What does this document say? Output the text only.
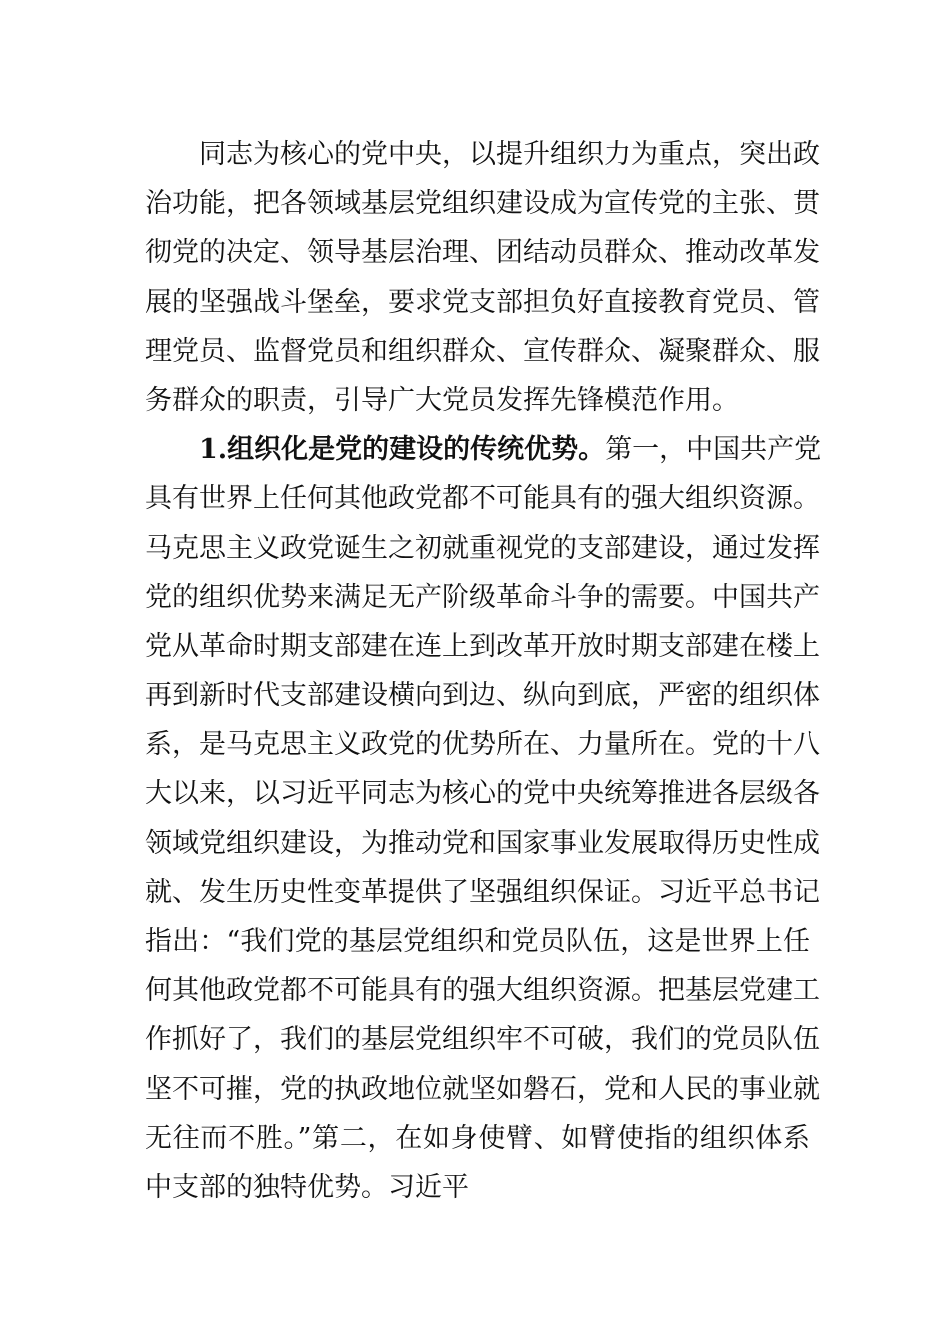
同志为核心的党中央，以提升组织力为重点，突出政
治功能，把各领域基层党组织建设成为宣传党的主张、贯
彻党的决定、领导基层治理、团结动员群众、推动改革发
展的坚强战斗堡垒，要求党支部担负好直接教育党员、管
理党员、监督党员和组织群众、宣传群众、凝聚群众、服
务群众的职责，引导广大党员发挥先锋模范作用。
1.组织化是党的建设的传统优势。第一，中国共产党
具有世界上任何其他政党都不可能具有的强大组织资源。
马克思主义政党诞生之初就重视党的支部建设，通过发挥
党的组织优势来满足无产阶级革命斗争的需要。中国共产
党从革命时期支部建在连上到改革开放时期支部建在楼上
再到新时代支部建设横向到边、纵向到底，严密的组织体
系，是马克思主义政党的优势所在、力量所在。党的十八
大以来，以习近平同志为核心的党中央统筹推进各层级各
领域党组织建设，为推动党和国家事业发展取得历史性成
就、发生历史性变革提供了坚强组织保证。习近平总书记
指出：“我们党的基层党组织和党员队伍，这是世界上任
何其他政党都不可能具有的强大组织资源。把基层党建工
作抓好了，我们的基层党组织牢不可破，我们的党员队伍
坚不可摧，党的执政地位就坚如磐石，党和人民的事业就
无往而不胜。”第二，在如身使臂、如臂使指的组织体系
中支部的独特优势。习近平
